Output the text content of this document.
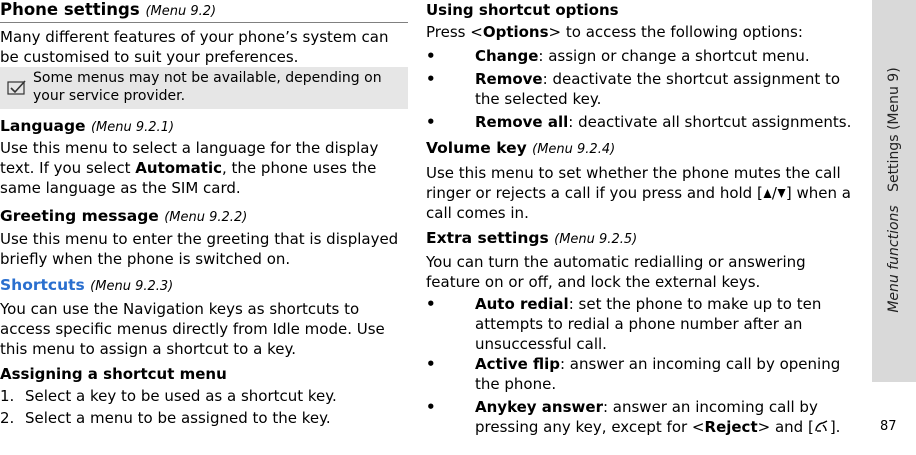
Phone settings (Menu 9.2)
Many different features of your phone’s system can be customised to suit your preferences.
Some menus may not be available, depending on your service provider.
Language (Menu 9.2.1)
Use this menu to select a language for the display text. If you select Automatic, the phone uses the same language as the SIM card.
Greeting message (Menu 9.2.2)
Use this menu to enter the greeting that is displayed briefly when the phone is switched on.
Shortcuts (Menu 9.2.3)
You can use the Navigation keys as shortcuts to access specific menus directly from Idle mode. Use this menu to assign a shortcut to a key.
Assigning a shortcut menu
1. Select a key to be used as a shortcut key.
2. Select a menu to be assigned to the key.
Using shortcut options
Press <Options> to access the following options:
•	Change: assign or change a shortcut menu.
•	Remove: deactivate the shortcut assignment to the selected key.
•	Remove all: deactivate all shortcut assignments.
Volume key (Menu 9.2.4)
Use this menu to set whether the phone mutes the call ringer or rejects a call if you press and hold [ / ] when a call comes in.
Extra settings (Menu 9.2.5)
You can turn the automatic redialling or answering feature on or off, and lock the external keys.
•	Auto redial: set the phone to make up to ten attempts to redial a phone number after an unsuccessful call.
•	Active flip: answer an incoming call by opening the phone.
•	Anykey answer: answer an incoming call by pressing any key, except for <Reject> and [ ].
Menu functions   Settings (Menu 9)
87
